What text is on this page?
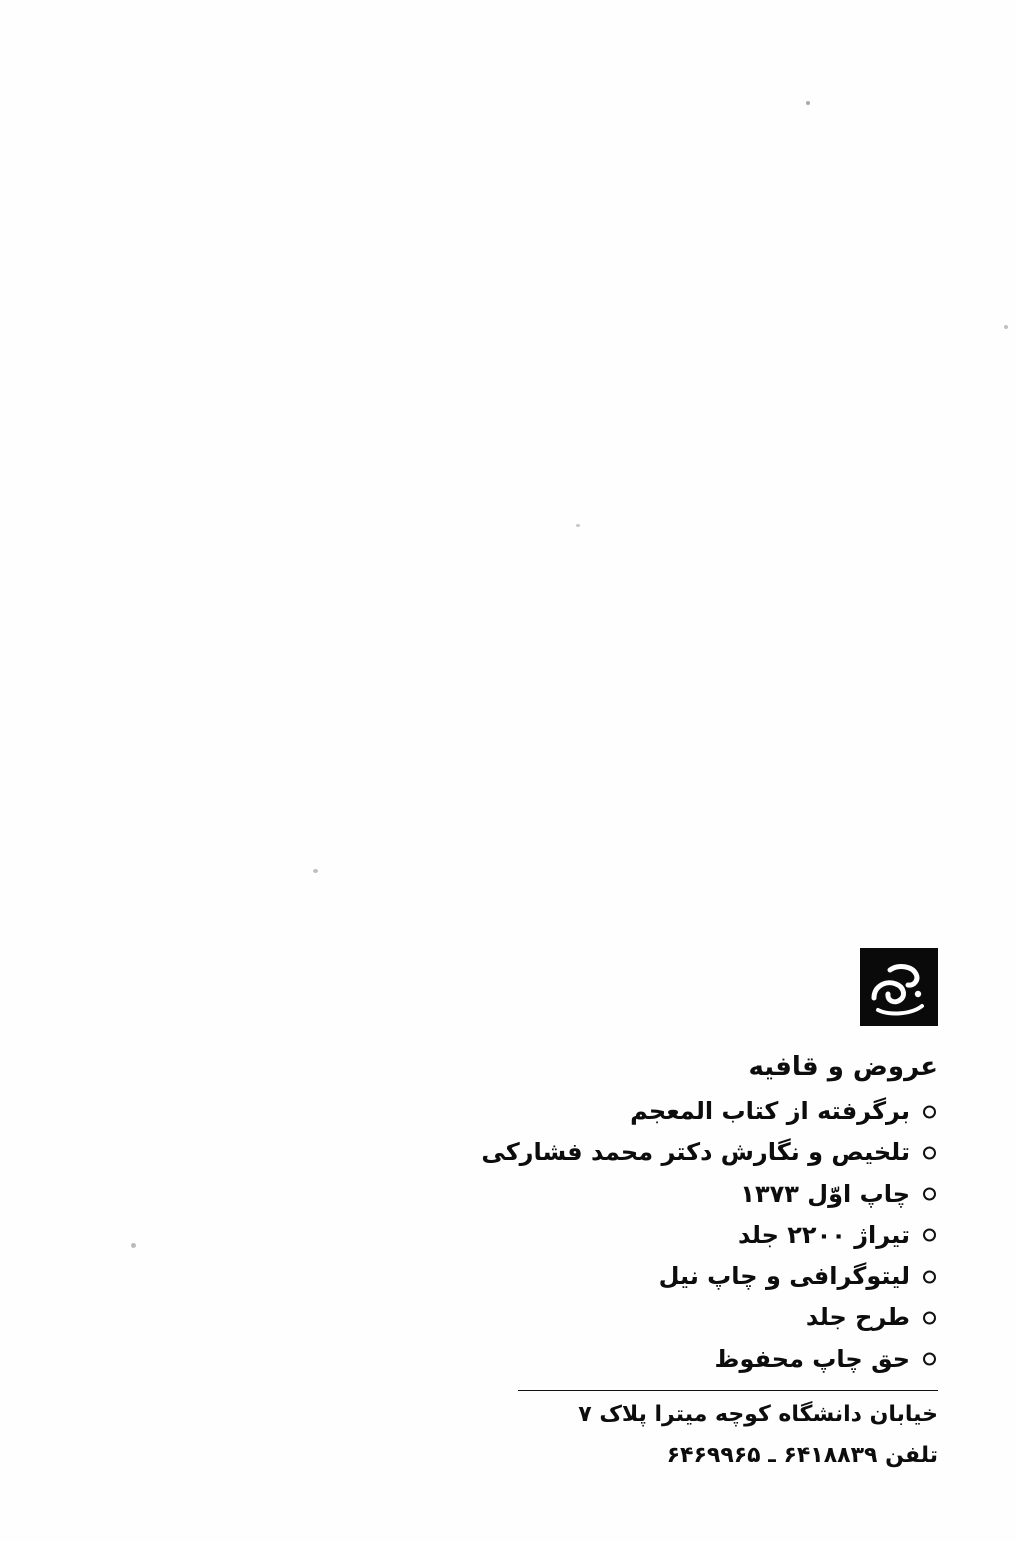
عروض و قافیه
برگرفته از کتاب المعجم
تلخیص و نگارش دکتر محمد فشارکی
چاپ اوّل ۱۳۷۳
تیراژ ۲۲۰۰ جلد
لیتوگرافی و چاپ نیل
طرح جلد
حق چاپ محفوظ
خیابان دانشگاه کوچه میترا پلاک ۷
تلفن ۶۴۱۸۸۳۹ ـ ۶۴۶۹۹۶۵
